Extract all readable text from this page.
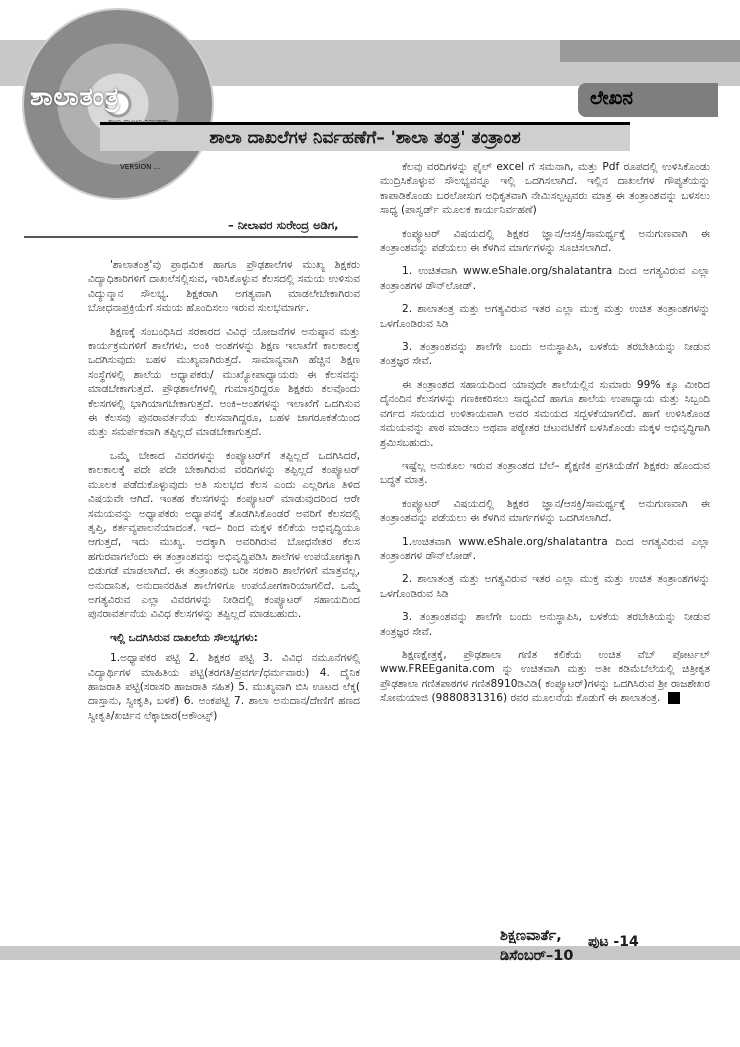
ಶಾಲಾತಂತ್ರ
VERSION ...
ಲೇಖನ
ಶಾಲಾ ದಾಖಲೆಗಳ ನಿರ್ವಹಣೆಗೆ– 'ಶಾಲಾ ತಂತ್ರ' ತಂತ್ರಾಂಶ
– ನೀಲಾವರ ಸುರೇಂದ್ರ ಅಡಿಗ,

'ಶಾಲಾತಂತ್ರ'ವು ಪ್ರಾಥಮಿಕ ಹಾಗೂ ಪ್ರೌಢಶಾಲೆಗಳ ಮುಖ್ಯ ಶಿಕ್ಷಕರು ವಿದ್ಯಾಧಿಕಾರಿಗಳಿಗೆ ದಾಖಲೆಸಲ್ಲಿಸುವ, ಇರಿಸಿಕೊಳ್ಳುವ ಕೆಲಸದಲ್ಲಿ ಸಮಯ ಉಳಿಸುವ ವಿದ್ಯುನ್ಮಾನ ಸೌಲಭ್ಯ. ಶಿಕ್ಷಕರಾಗಿ ಅಗತ್ಯವಾಗಿ ಮಾಡಲೇಬೇಕಾಗಿರುವ ಬೋಧನಾಪ್ರಕ್ರಿಯೆಗೆ ಸಮಯ ಹೊಂದಿಸಲು ಇರುವ ಸುಲಭಮಾರ್ಗ.

ಶಿಕ್ಷಣಕ್ಕೆ ಸಂಬಂಧಿಸಿದ ಸರಕಾರದ ವಿವಿಧ ಯೋಜನೆಗಳ ಅನುಷ್ಠಾನ ಮತ್ತು ಕಾರ್ಯಕ್ರಮಗಳಿಗೆ ಶಾಲೆಗಳು, ಅಂಕಿ ಅಂಶಗಳನ್ನು ಶಿಕ್ಷಣ ಇಲಾಖೆಗೆ ಕಾಲಕಾಲಕ್ಕೆ ಒದಗಿಸುವುದು ಬಹಳ ಮುಖ್ಯವಾಗಿರುತ್ತದೆ. ಸಾಮಾನ್ಯವಾಗಿ ಹೆಚ್ಚಿನ ಶಿಕ್ಷಣ ಸಂಸ್ಥೆಗಳಲ್ಲಿ ಶಾಲೆಯ ಅಧ್ಯಾಪಕರು/ ಮುಖ್ಯೋಪಾಧ್ಯಾಯರು ಈ ಕೆಲಸವನ್ನು ಮಾಡಬೇಕಾಗುತ್ತದೆ. ಪ್ರೌಢಶಾಲೆಗಳಲ್ಲಿ ಗುಮಾಸ್ತರಿದ್ದರೂ ಶಿಕ್ಷಕರು ಕಲವೊಂದು ಕೆಲಸಗಳಲ್ಲಿ ಭಾಗಿಯಾಗಬೇಕಾಗುತ್ತದೆ. ಅಂಕಿ–ಅಂಶಗಳನ್ನು ಇಲಾಖೆಗೆ ಒದಗಿಸುವ ಈ ಕೆಲಸವು ಪುನರಾವರ್ತನೆಯ ಕೆಲಸವಾಗಿದ್ದರೂ, ಬಹಳ ಜಾಗರೂಕತೆಯಿಂದ ಮತ್ತು ಸಮರ್ಪಕವಾಗಿ ತಪ್ಪಿಲ್ಲದೆ ಮಾಡಬೇಕಾಗುತ್ತದೆ.

ಒಮ್ಮೆ ಬೇಕಾದ ವಿವರಗಳನ್ನು ಕಂಪ್ಯೂಟರ್‌ಗೆ ತಪ್ಪಿಲ್ಲದೆ ಒದಗಿಸಿದರೆ, ಕಾಲಕಾಲಕ್ಕೆ ಪದೇ ಪದೇ ಬೇಕಾಗಿರುವ ವರದಿಗಳನ್ನು ತಪ್ಪಿಲ್ಲದೆ ಕಂಪ್ಯೂಟರ್ ಮೂಲಕ ಪಡೆದುಕೊಳ್ಳುವುದು ಅತಿ ಸುಲಭದ ಕೆಲಸ ಎಂದು ಎಲ್ಲರಿಗೂ ತಿಳಿದ ವಿಷಯವೇ ಆಗಿದೆ. ಇಂತಹ ಕೆಲಸಗಳನ್ನು ಕಂಪ್ಯೂಟರ್ ಮಾಡುವುದರಿಂದ ಆರೇ ಸಮಯವನ್ನು ಅಧ್ಯಾಪಕರು ಅಧ್ಯಾಪನಕ್ಕೆ ತೊಡಗಿಸಿಕೊಂಡರೆ ಅವರಿಗೆ ಕೆಲಸದಲ್ಲಿ ತೃಪ್ತಿ, ಕರ್ತವ್ಯಪಾಲನೆಯಾದಂತೆ. ಇದ– ರಿಂದ ಮಕ್ಕಳ ಕಲಿಕೆಯ ಅಭಿವೃದ್ಧಿಯೂ ಆಗುತ್ತದೆ, ಇದು ಮುಖ್ಯ. ಅದಕ್ಕಾಗಿ ಅವರಿಗಿರುವ ಬೋಧನೇತರ ಕೆಲಸ ಹಗುರವಾಗಲೆಂದು ಈ ತಂತ್ರಾಂಶವನ್ನು ಅಭಿವೃದ್ಧಿಪಡಿಸಿ ಶಾಲೆಗಳ ಉಪಯೋಗಕ್ಕಾಗಿ ಬಿಡುಗಡೆ ಮಾಡಲಾಗಿದೆ. ಈ ತಂತ್ರಾಂಶವು ಬರೀ ಸರಕಾರಿ ಶಾಲೆಗಳಿಗೆ ಮಾತ್ರವಲ್ಲ, ಅನುದಾನಿತ, ಅನುದಾನರಹಿತ ಶಾಲೆಗಳಿಗೂ ಉಪಯೋಗಕಾರಿಯಾಗಲಿದೆ. ಒಮ್ಮೆ ಅಗತ್ಯವಿರುವ ಎಲ್ಲಾ ವಿವರಗಳನ್ನು ನೀಡಿದಲ್ಲಿ ಕಂಪ್ಯೂಟರ್ ಸಹಾಯದಿಂದ ಪುನರಾವರ್ತನೆಯ ವಿವಿಧ ಕೆಲಸಗಳನ್ನು ತಪ್ಪಿಲ್ಲದೆ ಮಾಡಬಹುದು.

ಇಲ್ಲಿ ಒದಗಿಸಿರುವ ದಾಖಲೆಯ ಸೌಲಭ್ಯಗಳು:

1.ಅಧ್ಯಾಪಕರ ಪಟ್ಟಿ 2. ಶಿಕ್ಷಕರ ಪಟ್ಟಿ 3. ವಿವಿಧ ನಮೂನೆಗಳಲ್ಲಿ ವಿದ್ಯಾರ್ಥಿಗಳ ಮಾಹಿತಿಯ ಪಟ್ಟಿ(ತರಗತಿ/ಪ್ರವರ್ಗ/ಧರ್ಮವಾರು) 4. ದೈನಿಕ ಹಾಜರಾತಿ ಪಟ್ಟಿ(ಸರಾಸರಿ ಹಾಜರಾತಿ ಸಹಿತ) 5. ಮುಖ್ಯವಾಗಿ ಬಿಸಿ ಊಟದ ಲೆಕ್ಕ( ದಾಸ್ತಾನು, ಸ್ವೀಕೃತಿ, ಬಳಕೆ) 6. ಅಂಕಪಟ್ಟಿ 7. ಶಾಲಾ ಅನುದಾನ/ದೇಣಿಗೆ ಹಣದ ಸ್ವೀಕೃತಿ/ಖರ್ಚಿನ ಲೆಕ್ಕಾಚಾರ(ಅಕೌಂಟ್ಸ್)

ಕೆಲವು ವರದಿಗಳನ್ನು ಫೈಲ್ excel ಗೆ ಸಮನಾಗಿ, ಮತ್ತು Pdf ರೂಪದಲ್ಲಿ ಉಳಿಸಿಕೊಂಡು ಮುದ್ರಿಸಿಕೊಳ್ಳುವ ಸೌಲಭ್ಯವನ್ನೂ ಇಲ್ಲಿ ಒದಗಿಸಲಾಗಿದೆ. ಇಲ್ಲಿನ ದಾಖಲೆಗಳ ಗೌಪ್ಯತೆಯನ್ನು ಕಾಪಾಡಿಕೊಂಡು ಬರಲೋಸುಗ ಅಧಿಕೃತವಾಗಿ ನೇಮಿಸಲ್ಪಟ್ಟವರು ಮಾತ್ರ ಈ ತಂತ್ರಾಂಶವನ್ನು ಬಳಸಲು ಸಾಧ್ಯ (ಪಾಸ್ವರ್ಡ್ ಮೂಲಕ ಕಾರ್ಯನಿರ್ವಹಣೆ)

ಕಂಪ್ಯೂಟರ್ ವಿಷಯದಲ್ಲಿ ಶಿಕ್ಷಕರ ಜ್ಞಾನ/ಆಸಕ್ತಿ/ಸಾಮರ್ಥ್ಯಕ್ಕೆ ಅನುಗುಣವಾಗಿ ಈ ತಂತ್ರಾಂಶವನ್ನು ಪಡೆಯಲು ಈ ಕೆಳಗಿನ ಮಾರ್ಗಗಳನ್ನು ಸೂಚಿಸಲಾಗಿದೆ.

1. ಉಚಿತವಾಗಿ www.eShale.org/shalatantra ದಿಂದ ಅಗತ್ಯವಿರುವ ಎಲ್ಲಾ ತಂತ್ರಾಂಶಗಳ ಡೌನ್‌ಲೋಡ್.

2. ಶಾಲಾತಂತ್ರ ಮತ್ತು ಅಗತ್ಯವಿರುವ ಇತರ ಎಲ್ಲಾ ಮುಕ್ತ ಮತ್ತು ಉಚಿತ ತಂತ್ರಾಂಶಗಳನ್ನು ಒಳಗೊಂಡಿರುವ ಸಿಡಿ

3. ತಂತ್ರಾಂಶವನ್ನು ಶಾಲೆಗೇ ಬಂದು ಅನುಸ್ಥಾಪಿಸಿ, ಬಳಕೆಯ ತರಬೇತಿಯನ್ನು ನೀಡುವ ತಂತ್ರಜ್ಞರ ಸೇವೆ.

ಈ ತಂತ್ರಾಂಶದ ಸಹಾಯದಿಂದ ಯಾವುದೇ ಶಾಲೆಯಲ್ಲಿನ ಸುಮಾರು 99% ಕ್ಕೂ ಮೀರಿದ ದೈನಂದಿನ ಕೆಲಸಗಳನ್ನು ಗಣಕೀಕರಿಸಲು ಸಾಧ್ಯವಿದೆ ಹಾಗೂ ಶಾಲೆಯ ಉಪಾಧ್ಯಾಯ ಮತ್ತು ಸಿಬ್ಬಂದಿ ವರ್ಗದ ಸಮಯದ ಉಳಿತಾಯವಾಗಿ ಅವರ ಸಮಯದ ಸದ್ಬಳಕೆಯಾಗಲಿದೆ. ಹಾಗೆ ಉಳಿಸಿಕೊಂಡ ಸಮಯವನ್ನು ಪಾಠ ಮಾಡಲು ಅಥವಾ ಪಠ್ಯೇತರ ಚಟುವಟಿಕೆಗೆ ಬಳಸಿಕೊಂಡು ಮಕ್ಕಳ ಅಭಿವೃದ್ಧಿಗಾಗಿ ಶ್ರಮಿಸಬಹುದು.

ಇಷ್ಟೆಲ್ಲ ಅನುಕೂಲ ಇರುವ ತಂತ್ರಾಂಶದ ಬೆಲೆ– ಶೈಕ್ಷಣಿಕ ಪ್ರಗತಿಯೆಡೆಗೆ ಶಿಕ್ಷಕರು ಹೊಂದುವ ಬದ್ಧತೆ ಮಾತ್ರ.

ಕಂಪ್ಯೂಟರ್ ವಿಷಯದಲ್ಲಿ ಶಿಕ್ಷಕರ ಜ್ಞಾನ/ಆಸಕ್ತಿ/ಸಾಮರ್ಥ್ಯಕ್ಕೆ ಅನುಗುಣವಾಗಿ ಈ ತಂತ್ರಾಂಶವನ್ನು ಪಡೆಯಲು ಈ ಕೆಳಗಿನ ಮಾರ್ಗಗಳನ್ನು ಒದಗಿಸಲಾಗಿದೆ.

1.ಉಚಿತವಾಗಿ www.eShale.org/shalatantra ದಿಂದ ಅಗತ್ಯವಿರುವ ಎಲ್ಲಾ ತಂತ್ರಾಂಶಗಳ ಡೌನ್‌ಲೋಡ್.

2. ಶಾಲಾತಂತ್ರ ಮತ್ತು ಅಗತ್ಯವಿರುವ ಇತರ ಎಲ್ಲಾ ಮುಕ್ತ ಮತ್ತು ಉಚಿತ ತಂತ್ರಾಂಶಗಳನ್ನು ಒಳಗೊಂಡಿರುವ ಸಿಡಿ

3. ತಂತ್ರಾಂಶವನ್ನು ಶಾಲೆಗೇ ಬಂದು ಅನುಸ್ಥಾಪಿಸಿ, ಬಳಕೆಯ ತರಬೇತಿಯನ್ನು ನೀಡುವ ತಂತ್ರಜ್ಞರ ಸೇವೆ.

ಶಿಕ್ಷಣಕ್ಷೇತ್ರಕ್ಕೆ, ಪ್ರೌಢಶಾಲಾ ಗಣಿತ ಕಲಿಕೆಯ ಉಚಿತ ವೆಬ್ ಪೋರ್ಟಲ್ www.FREEganita.com ನ್ನು ಉಚಿತವಾಗಿ ಮತ್ತು ಅತೀ ಕಡಿಮೆಬೆಲೆಯಲ್ಲಿ ಚಿತ್ರೀಕೃತ ಪ್ರೌಢಶಾಲಾ ಗಣಿತಪಾಠಗಳ ಗಣಿತ8910ಡಿವಿಡಿ( ಕಂಪ್ಯೂಟರ್)ಗಳನ್ನು ಒದಗಿಸಿರುವ ಶ್ರೀ ರಾಜಶೇಖರ ಸೋಮಯಾಜಿ (9880831316) ರವರ ಮೂಲನೆಯ ಕೊಡುಗೆ ಈ ಶಾಲಾತಂತ್ರ.

ಶಿಕ್ಷಣವಾರ್ತೆ,
ಡಿಸೆಂಬರ್–10
ಪುಟ -14
